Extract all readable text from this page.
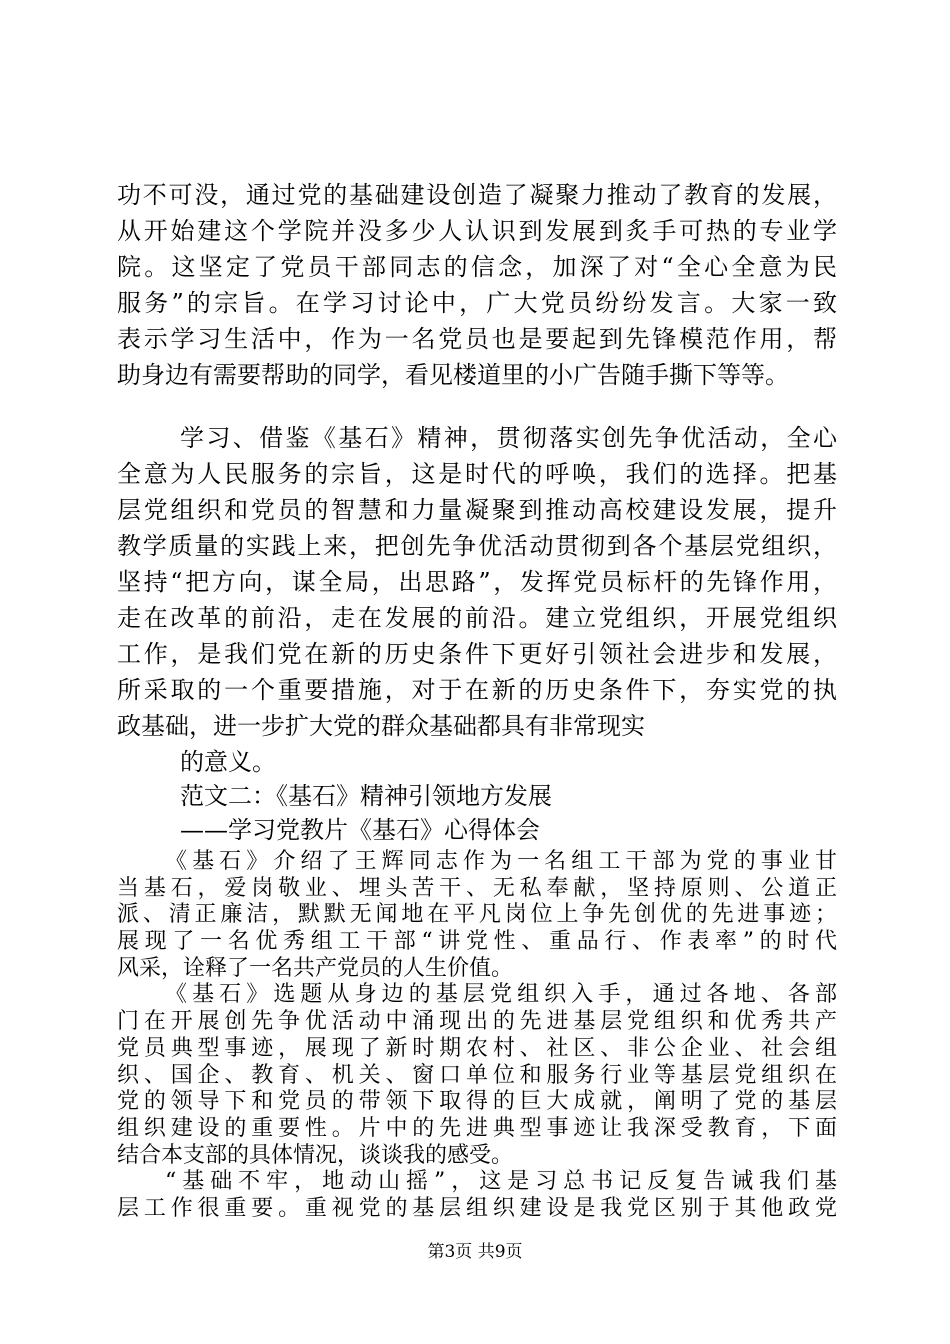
功不可没，通过党的基础建设创造了凝聚力推动了教育的发展，
从开始建这个学院并没多少人认识到发展到炙手可热的专业学
院。这坚定了党员干部同志的信念，加深了对“全心全意为民
服务”的宗旨。在学习讨论中，广大党员纷纷发言。大家一致
表示学习生活中，作为一名党员也是要起到先锋模范作用，帮
助身边有需要帮助的同学，看见楼道里的小广告随手撕下等等。
学习、借鉴《基石》精神，贯彻落实创先争优活动，全心
全意为人民服务的宗旨，这是时代的呼唤，我们的选择。把基
层党组织和党员的智慧和力量凝聚到推动高校建设发展，提升
教学质量的实践上来，把创先争优活动贯彻到各个基层党组织，
坚持“把方向，谋全局，出思路”，发挥党员标杆的先锋作用，
走在改革的前沿，走在发展的前沿。建立党组织，开展党组织
工作，是我们党在新的历史条件下更好引领社会进步和发展，
所采取的一个重要措施，对于在新的历史条件下，夯实党的执
政基础，进一步扩大党的群众基础都具有非常现实
的意义。
范文二：《基石》精神引领地方发展
——学习党教片《基石》心得体会
《基石》介绍了王辉同志作为一名组工干部为党的事业甘
当基石，爱岗敬业、埋头苦干、无私奉献，坚持原则、公道正
派、清正廉洁，默默无闻地在平凡岗位上争先创优的先进事迹；
展现了一名优秀组工干部“讲党性、重品行、作表率”的时代
风采，诠释了一名共产党员的人生价值。
《基石》选题从身边的基层党组织入手，通过各地、各部
门在开展创先争优活动中涌现出的先进基层党组织和优秀共产
党员典型事迹，展现了新时期农村、社区、非公企业、社会组
织、国企、教育、机关、窗口单位和服务行业等基层党组织在
党的领导下和党员的带领下取得的巨大成就，阐明了党的基层
组织建设的重要性。片中的先进典型事迹让我深受教育，下面
结合本支部的具体情况，谈谈我的感受。
“基础不牢，地动山摇”，这是习总书记反复告诫我们基
层工作很重要。重视党的基层组织建设是我党区别于其他政党
第3页 共9页
